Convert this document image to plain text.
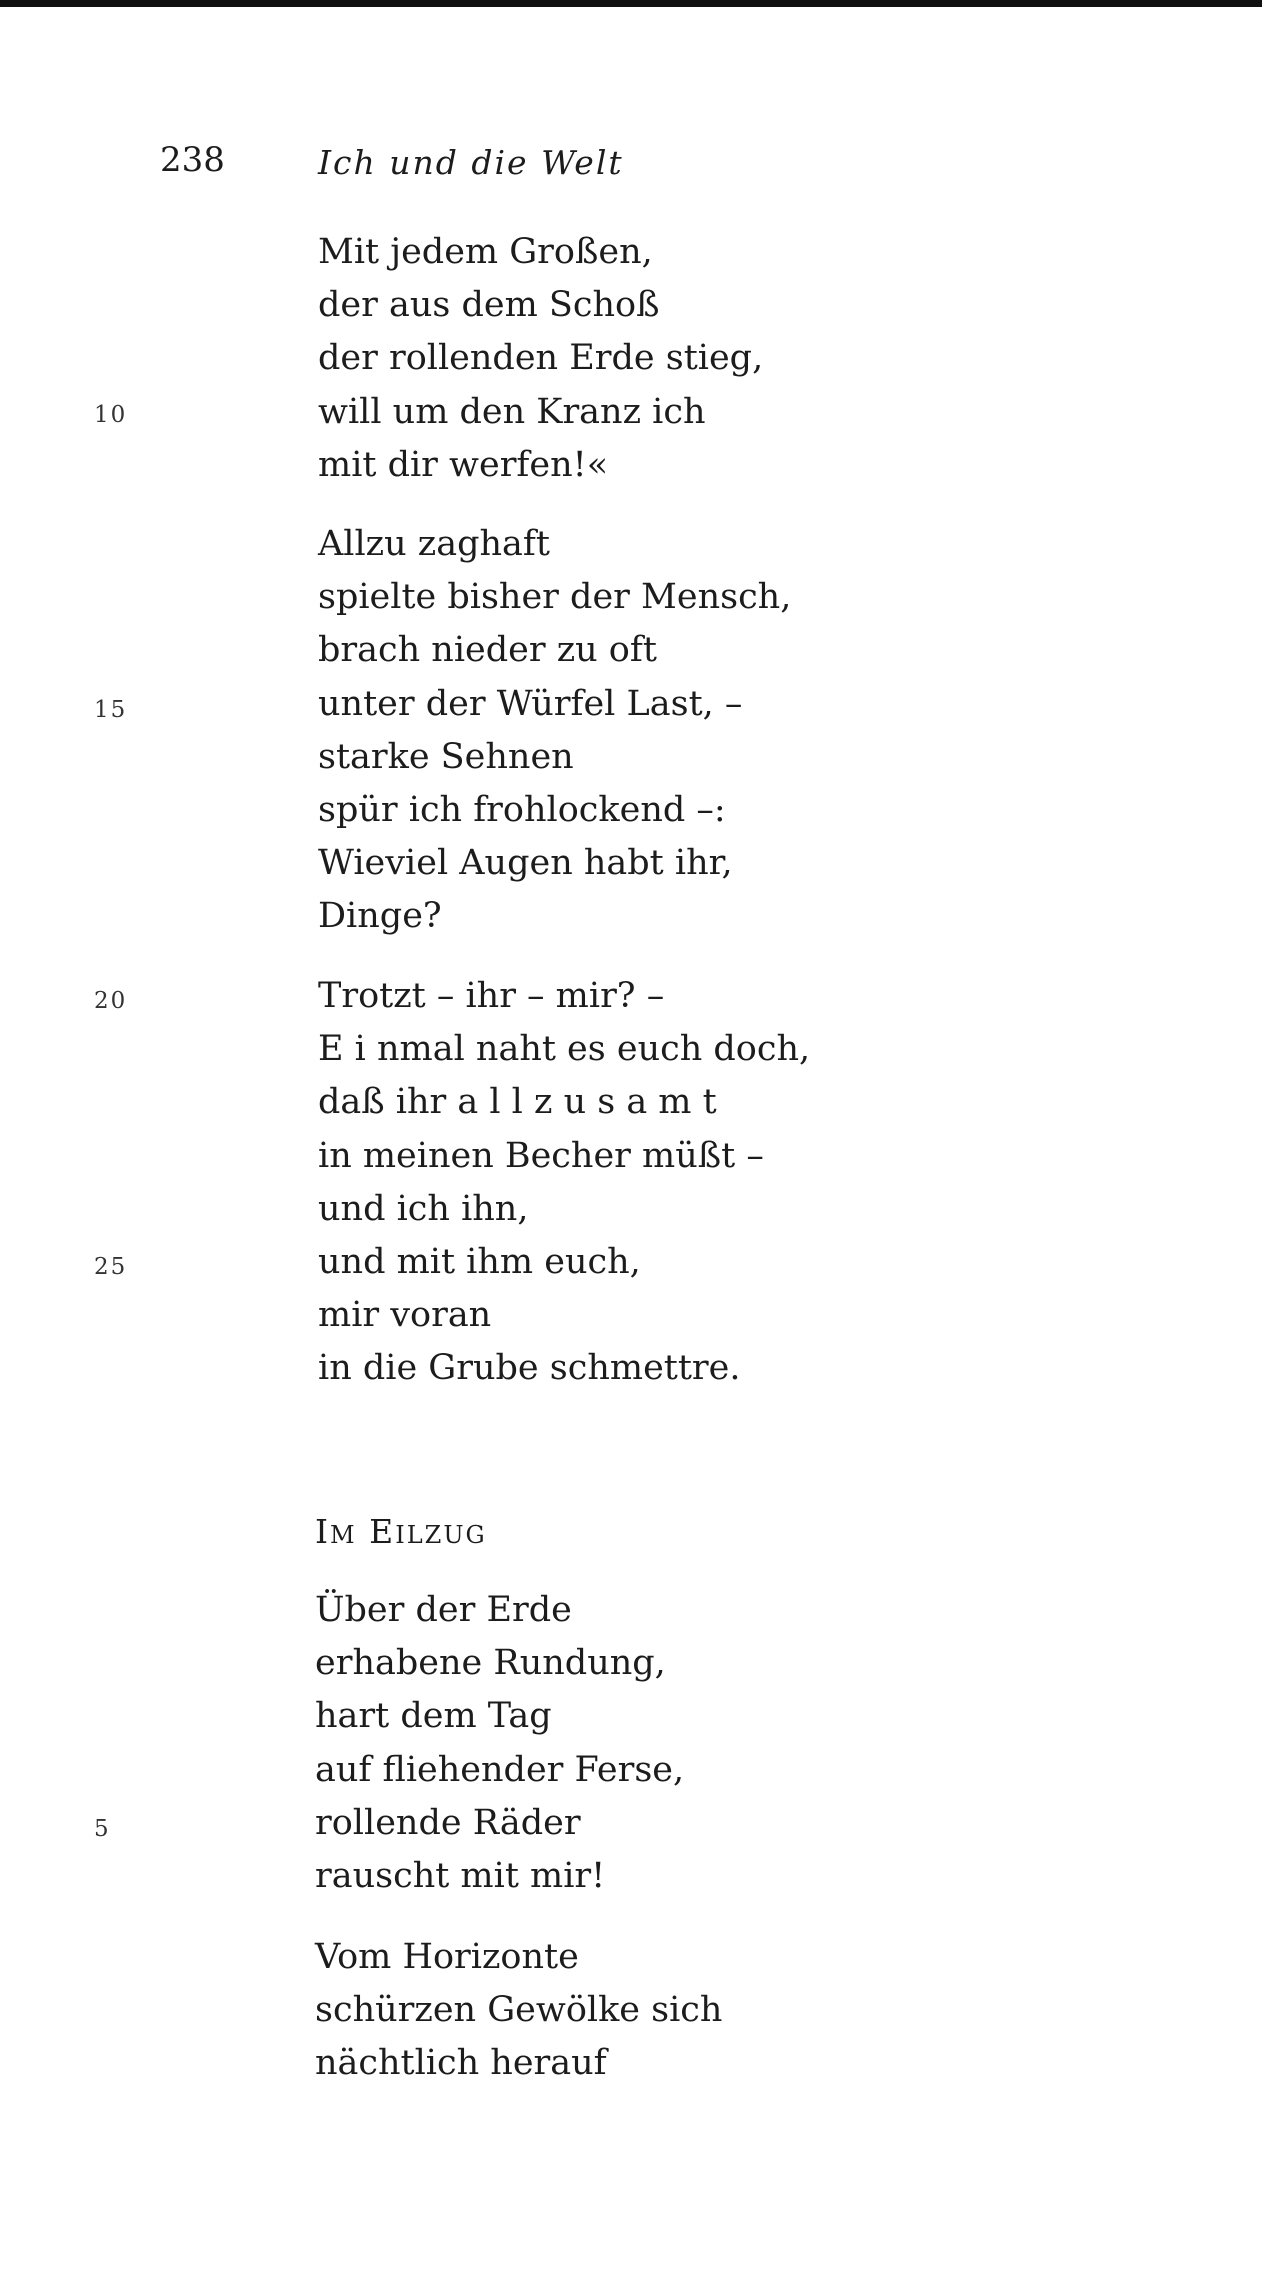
238	Ich und die Welt
10
15
20
25
Mit jedem Großen,
der aus dem Schoß
der rollenden Erde stieg,
will um den Kranz ich
mit dir werfen!«
Allzu zaghaft
spielte bisher der Mensch,
brach nieder zu oft
unter der Würfel Last, –
starke Sehnen
spür ich frohlockend –:
Wieviel Augen habt ihr,
Dinge?
Trotzt – ihr – mir? –
E i nmal naht es euch doch,
daß ihr a l l z u s a m t
in meinen Becher müßt –
und ich ihn,
und mit ihm euch,
mir voran
in die Grube schmettre.
IM EILZUG
5
Über der Erde
erhabene Rundung,
hart dem Tag
auf fliehender Ferse,
rollende Räder
rauscht mit mir!
Vom Horizonte
schürzen Gewölke sich
nächtlich herauf
